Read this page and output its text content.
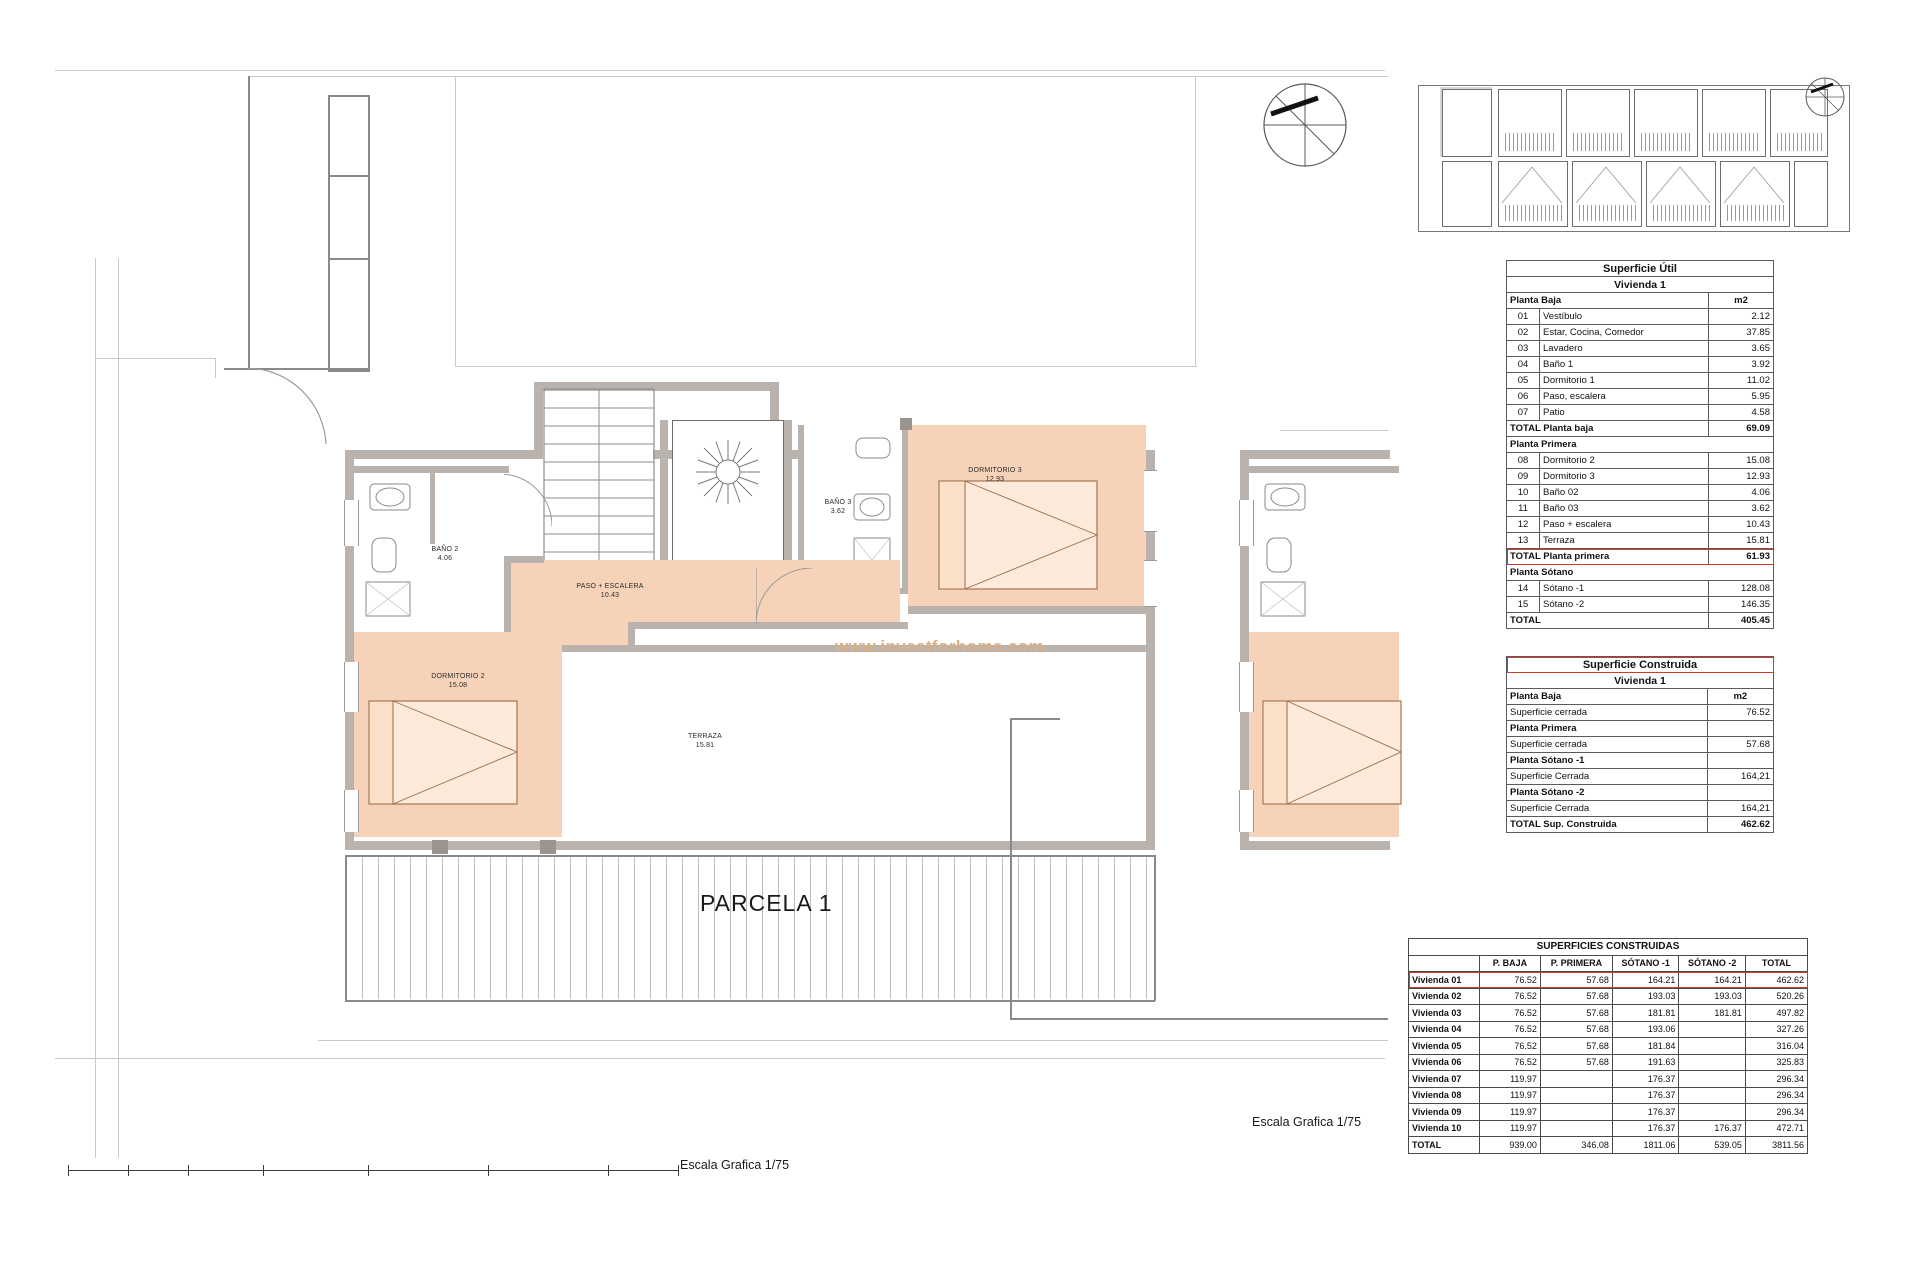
BAÑO 2
4.06
DORMITORIO 2
15.08
PASO + ESCALERA
10.43
BAÑO 3
3.62
DORMITORIO 3
12.93
TERRAZA
15.81
www.investforhome.com
PARCELA 1
Escala Grafica 1/75
Escala Grafica 1/75
Superficie Útil		
Vivienda 1		
Planta Baja		m2
01	Vestíbulo	2.12
02	Estar, Cocina, Comedor	37.85
03	Lavadero	3.65
04	Baño 1	3.92
05	Dormitorio 1	11.02
06	Paso, escalera	5.95
07	Patio	4.58
TOTAL Planta baja		69.09
Planta Primera		
08	Dormitorio 2	15.08
09	Dormitorio 3	12.93
10	Baño 02	4.06
11	Baño 03	3.62
12	Paso + escalera	10.43
13	Terraza	15.81
TOTAL Planta primera		61.93
Planta Sótano		
14	Sótano -1	128.08
15	Sótano -2	146.35
TOTAL		405.45
Superficie Construida	
Vivienda 1	
Planta Baja	m2
Superficie cerrada	76.52
Planta Primera	
Superficie cerrada	57.68
Planta Sótano -1	
Superficie Cerrada	164,21
Planta Sótano -2	
Superficie Cerrada	164,21
TOTAL Sup. Construida	462.62
SUPERFICIES CONSTRUIDAS					
	P. BAJA	P. PRIMERA	SÓTANO -1	SÓTANO -2	TOTAL
Vivienda 01	76.52	57.68	164.21	164.21	462.62
Vivienda 02	76.52	57.68	193.03	193.03	520.26
Vivienda 03	76.52	57.68	181.81	181.81	497.82
Vivienda 04	76.52	57.68	193.06		327.26
Vivienda 05	76.52	57.68	181.84		316.04
Vivienda 06	76.52	57.68	191.63		325.83
Vivienda 07	119.97		176.37		296.34
Vivienda 08	119.97		176.37		296.34
Vivienda 09	119.97		176.37		296.34
Vivienda 10	119.97		176.37	176.37	472.71
TOTAL	939.00	346.08	1811.06	539.05	3811.56
